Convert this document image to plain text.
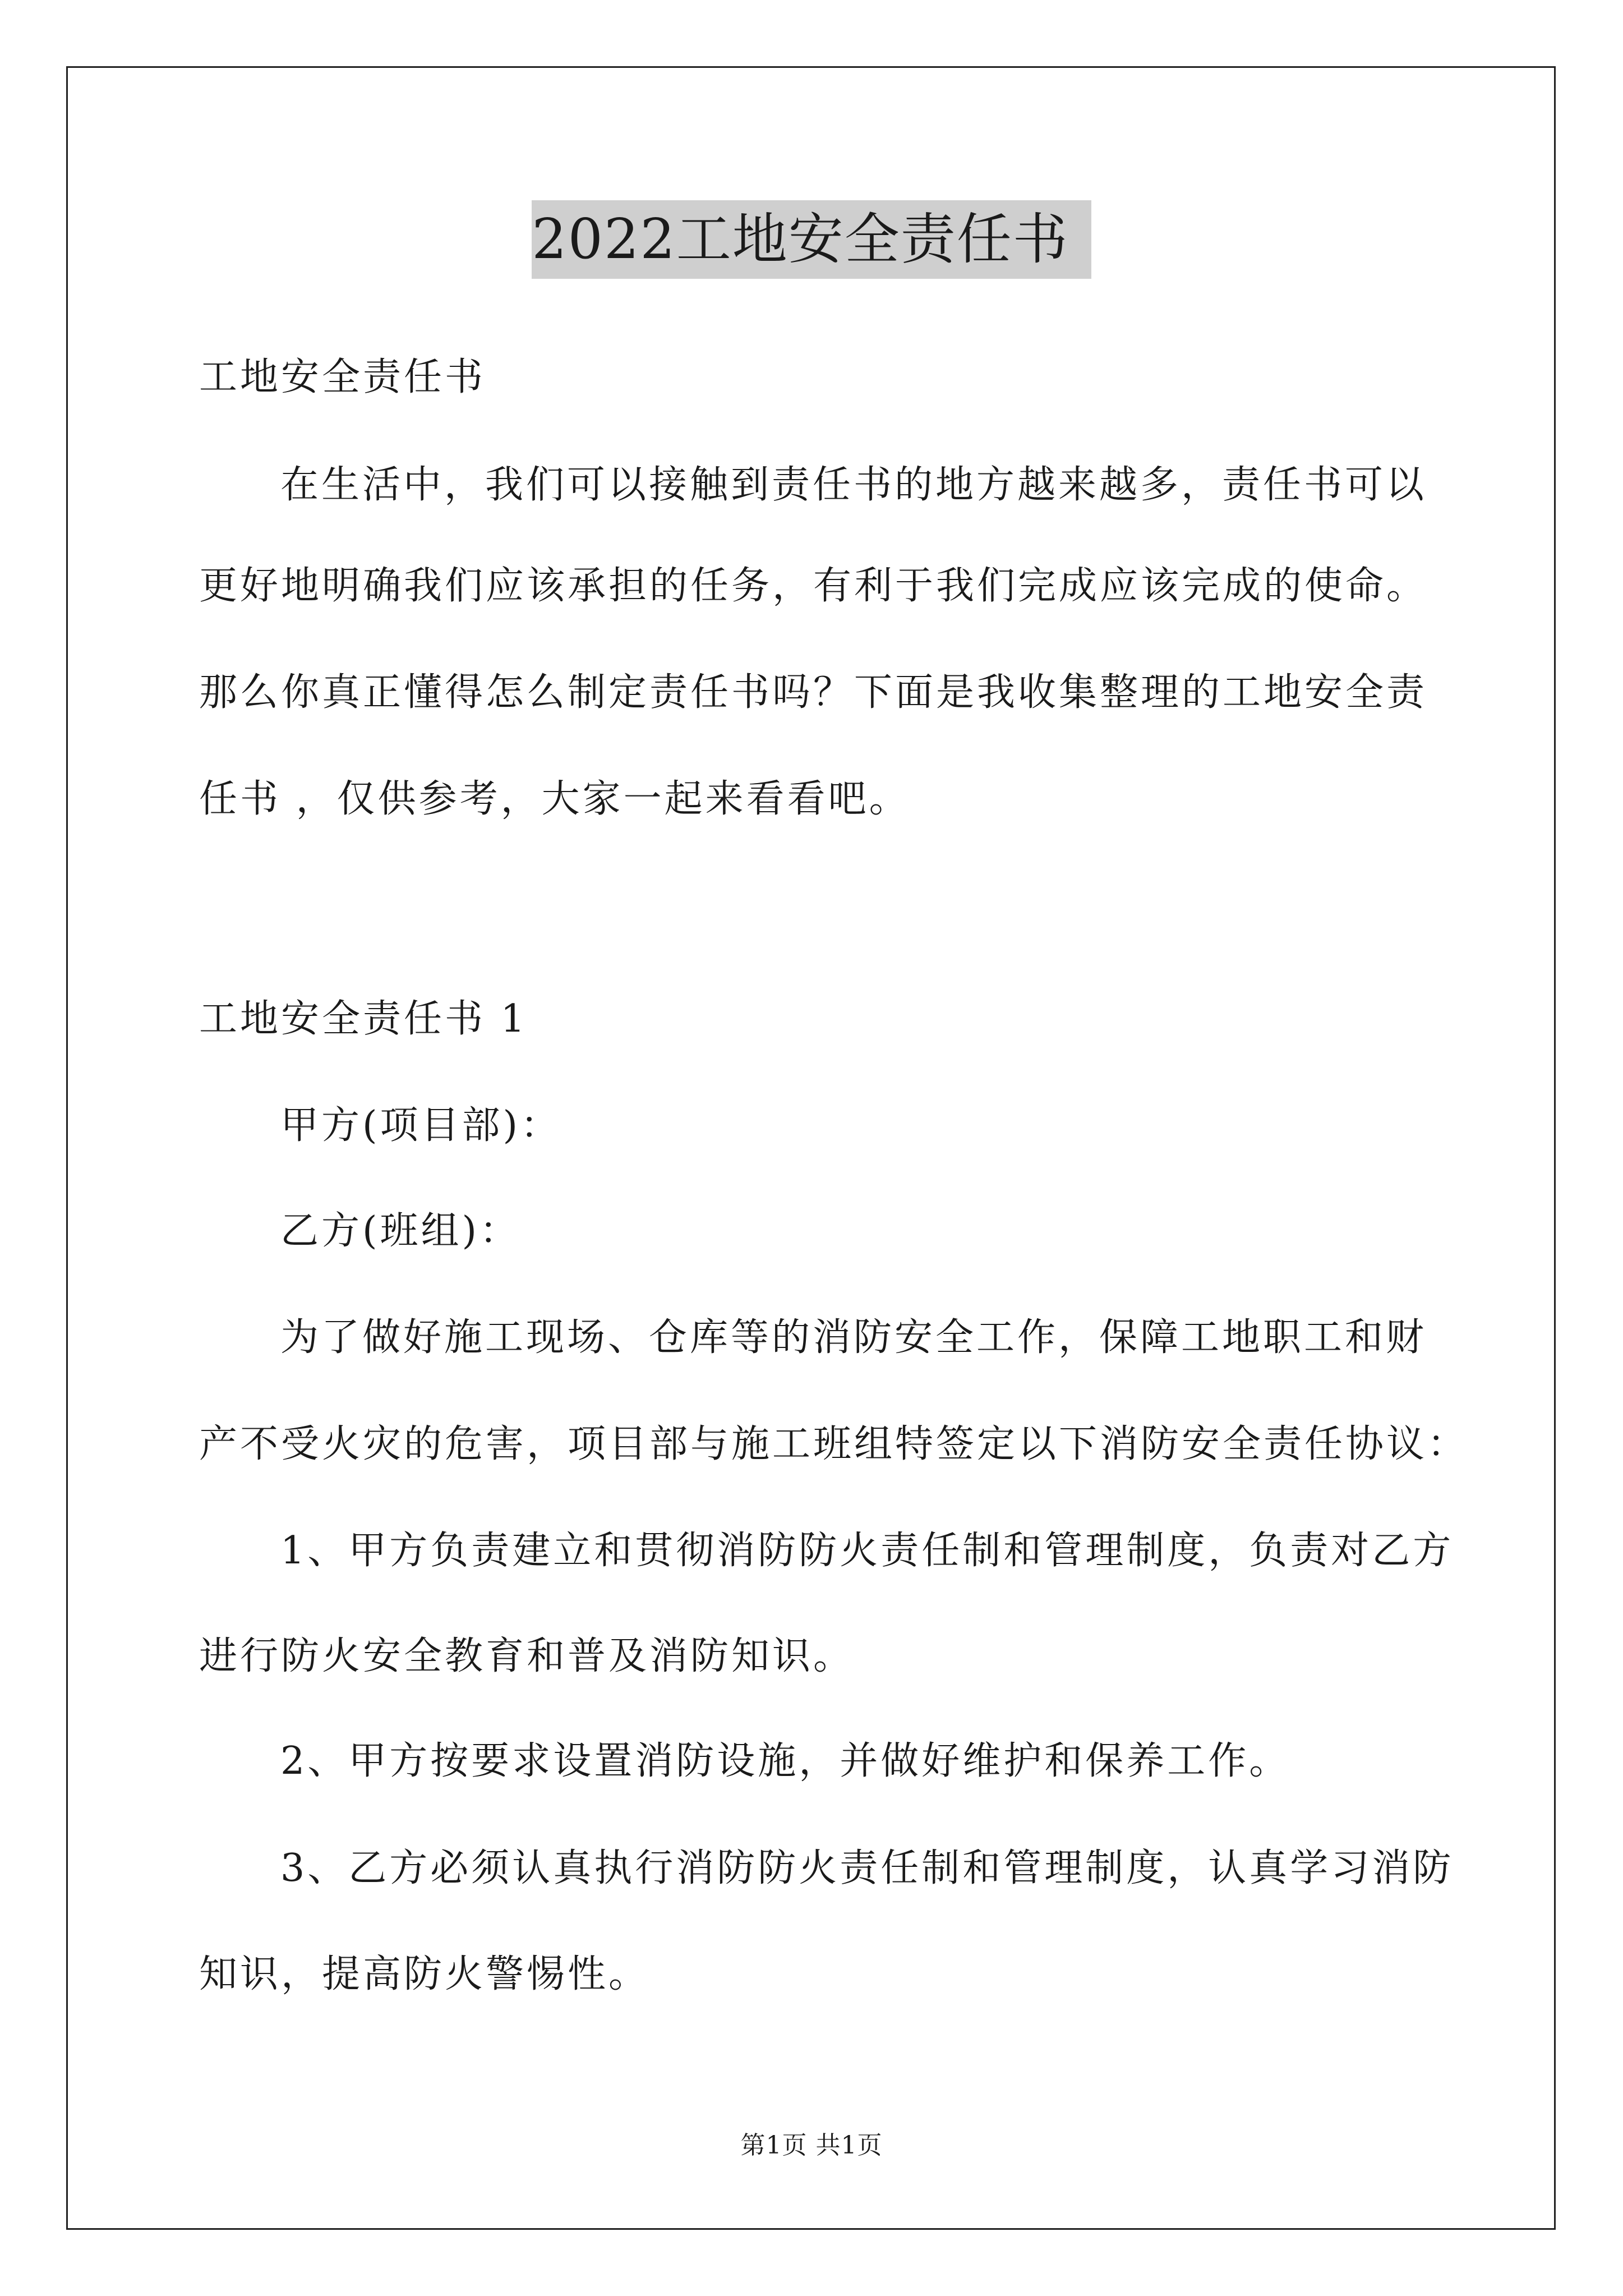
2022工地安全责任书
工地安全责任书
在生活中，我们可以接触到责任书的地方越来越多，责任书可以
更好地明确我们应该承担的任务，有利于我们完成应该完成的使命。
那么你真正懂得怎么制定责任书吗？下面是我收集整理的工地安全责
任书 ，仅供参考，大家一起来看看吧。
工地安全责任书 1
甲方(项目部)：
乙方(班组)：
为了做好施工现场、仓库等的消防安全工作，保障工地职工和财
产不受火灾的危害，项目部与施工班组特签定以下消防安全责任协议：
1、甲方负责建立和贯彻消防防火责任制和管理制度，负责对乙方
进行防火安全教育和普及消防知识。
2、甲方按要求设置消防设施，并做好维护和保养工作。
3、乙方必须认真执行消防防火责任制和管理制度，认真学习消防
知识，提高防火警惕性。
第1页 共1页
